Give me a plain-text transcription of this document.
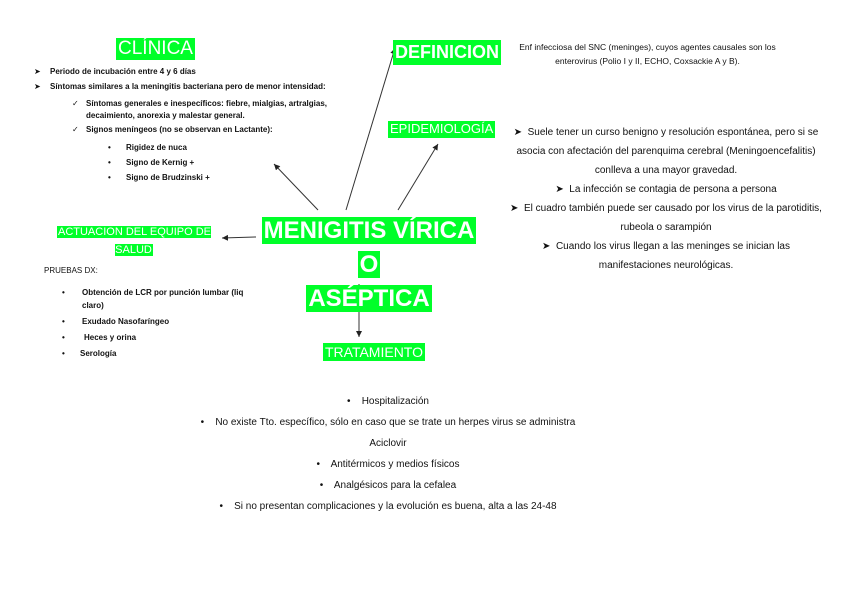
MENIGITIS VÍRICA O
ASÉPTICA
CLÍNICA
➤ Periodo de incubación entre 4 y 6 días
➤ Síntomas similares a la meningitis bacteriana pero de menor intensidad:
✓ Síntomas generales e inespecíficos: fiebre, mialgias, artralgias, decaimiento, anorexia y malestar general.
✓ Signos meníngeos (no se observan en Lactante):
• Rigidez de nuca
• Signo de Kernig +
• Signo de Brudzinski +
DEFINICION	Enf infecciosa del SNC (meninges), cuyos agentes causales son los enterovirus (Polio I y II, ECHO, Coxsackie A y B).
EPIDEMIOLOGÍA	➤ Suele tener un curso benigno y resolución espontánea, pero si se asocia con afectación del parenquima cerebral (Meningoencefalitis) conlleva a una mayor gravedad.
➤ La infección se contagia de persona a persona
➤ El cuadro también puede ser causado por los virus de la parotiditis, rubeola o sarampión
➤ Cuando los virus llegan a las meninges se inician las manifestaciones neurológicas.
ACTUACION DEL EQUIPO DE SALUD
PRUEBAS DX:
• Obtención de LCR por punción lumbar (liq claro)
• Exudado Nasofaríngeo
• Heces y orina
• Serología	TRATAMIENTO
• Hospitalización
• No existe Tto. específico, sólo en caso que se trate un herpes virus se administra Aciclovir
• Antitérmicos y medios físicos
• Analgésicos para la cefalea
• Si no presentan complicaciones y la evolución es buena, alta a las 24-48
